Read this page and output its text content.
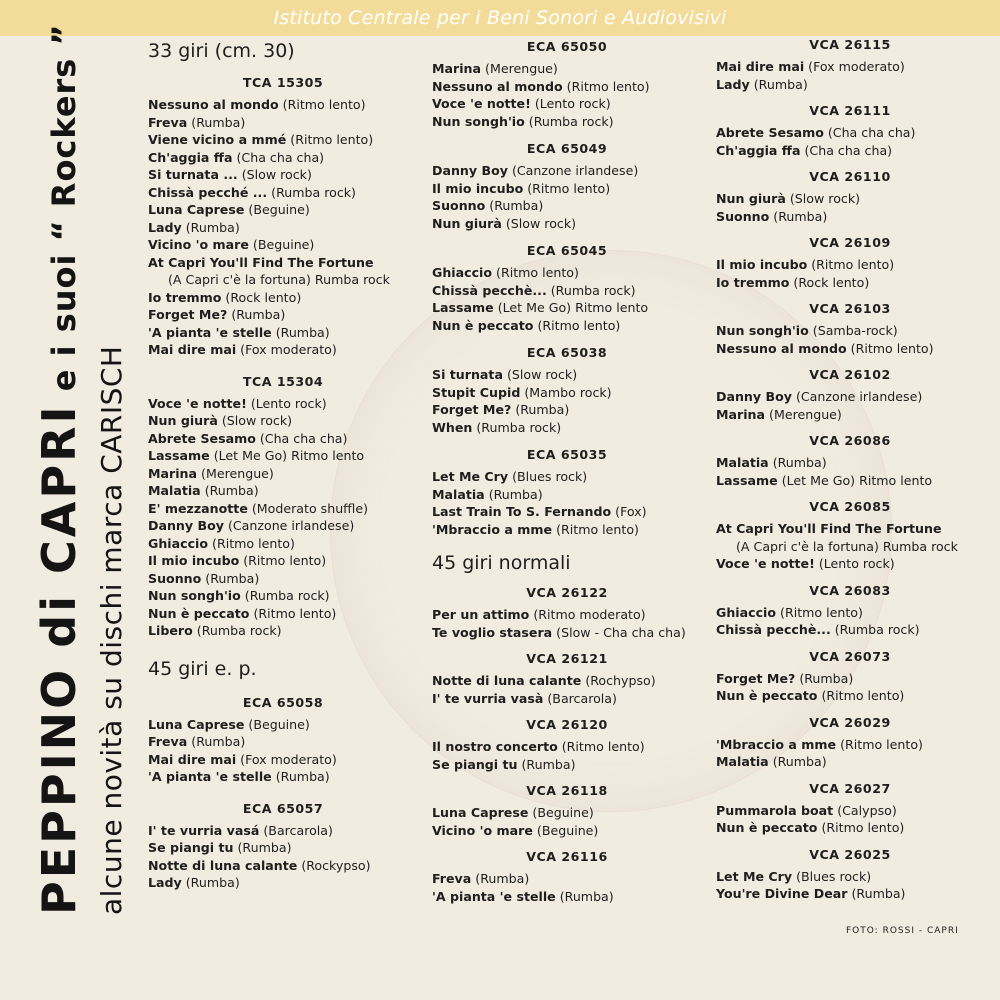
Istituto Centrale per i Beni Sonori e Audiovisivi
PEPPINO di CAPRI e i suoi “ Rockers ”
alcune novità su dischi marca CARISCH
33 giri (cm. 30)
TCA 15305
Nessuno al mondo (Ritmo lento)
Freva (Rumba)
Viene vicino a mmé (Ritmo lento)
Ch'aggia ffa (Cha cha cha)
Si turnata ... (Slow rock)
Chissà pecché ... (Rumba rock)
Luna Caprese (Beguine)
Lady (Rumba)
Vicino 'o mare (Beguine)
At Capri You'll Find The Fortune
(A Capri c'è la fortuna) Rumba rock
Io tremmo (Rock lento)
Forget Me? (Rumba)
'A pianta 'e stelle (Rumba)
Mai dire mai (Fox moderato)
TCA 15304
Voce 'e notte! (Lento rock)
Nun giurà (Slow rock)
Abrete Sesamo (Cha cha cha)
Lassame (Let Me Go) Ritmo lento
Marina (Merengue)
Malatia (Rumba)
E' mezzanotte (Moderato shuffle)
Danny Boy (Canzone irlandese)
Ghiaccio (Ritmo lento)
Il mio incubo (Ritmo lento)
Suonno (Rumba)
Nun songh'io (Rumba rock)
Nun è peccato (Ritmo lento)
Libero (Rumba rock)
45 giri e. p.
ECA 65058
Luna Caprese (Beguine)
Freva (Rumba)
Mai dire mai (Fox moderato)
'A pianta 'e stelle (Rumba)
ECA 65057
I' te vurria vasá (Barcarola)
Se piangi tu (Rumba)
Notte di luna calante (Rockypso)
Lady (Rumba)
ECA 65050
Marina (Merengue)
Nessuno al mondo (Ritmo lento)
Voce 'e notte! (Lento rock)
Nun songh'io (Rumba rock)
ECA 65049
Danny Boy (Canzone irlandese)
Il mio incubo (Ritmo lento)
Suonno (Rumba)
Nun giurà (Slow rock)
ECA 65045
Ghiaccio (Ritmo lento)
Chissà pecchè... (Rumba rock)
Lassame (Let Me Go) Ritmo lento
Nun è peccato (Ritmo lento)
ECA 65038
Si turnata (Slow rock)
Stupit Cupid (Mambo rock)
Forget Me? (Rumba)
When (Rumba rock)
ECA 65035
Let Me Cry (Blues rock)
Malatia (Rumba)
Last Train To S. Fernando (Fox)
'Mbraccio a mme (Ritmo lento)
45 giri normali
VCA 26122
Per un attimo (Ritmo moderato)
Te voglio stasera (Slow - Cha cha cha)
VCA 26121
Notte di luna calante (Rochypso)
I' te vurria vasà (Barcarola)
VCA 26120
Il nostro concerto (Ritmo lento)
Se piangi tu (Rumba)
VCA 26118
Luna Caprese (Beguine)
Vicino 'o mare (Beguine)
VCA 26116
Freva (Rumba)
'A pianta 'e stelle (Rumba)
VCA 26115
Mai dire mai (Fox moderato)
Lady (Rumba)
VCA 26111
Abrete Sesamo (Cha cha cha)
Ch'aggia ffa (Cha cha cha)
VCA 26110
Nun giurà (Slow rock)
Suonno (Rumba)
VCA 26109
Il mio incubo (Ritmo lento)
Io tremmo (Rock lento)
VCA 26103
Nun songh'io (Samba-rock)
Nessuno al mondo (Ritmo lento)
VCA 26102
Danny Boy (Canzone irlandese)
Marina (Merengue)
VCA 26086
Malatia (Rumba)
Lassame (Let Me Go) Ritmo lento
VCA 26085
At Capri You'll Find The Fortune
(A Capri c'è la fortuna) Rumba rock
Voce 'e notte! (Lento rock)
VCA 26083
Ghiaccio (Ritmo lento)
Chissà pecchè... (Rumba rock)
VCA 26073
Forget Me? (Rumba)
Nun è peccato (Ritmo lento)
VCA 26029
'Mbraccio a mme (Ritmo lento)
Malatia (Rumba)
VCA 26027
Pummarola boat (Calypso)
Nun è peccato (Ritmo lento)
VCA 26025
Let Me Cry (Blues rock)
You're Divine Dear (Rumba)
FOTO: ROSSI - CAPRI
